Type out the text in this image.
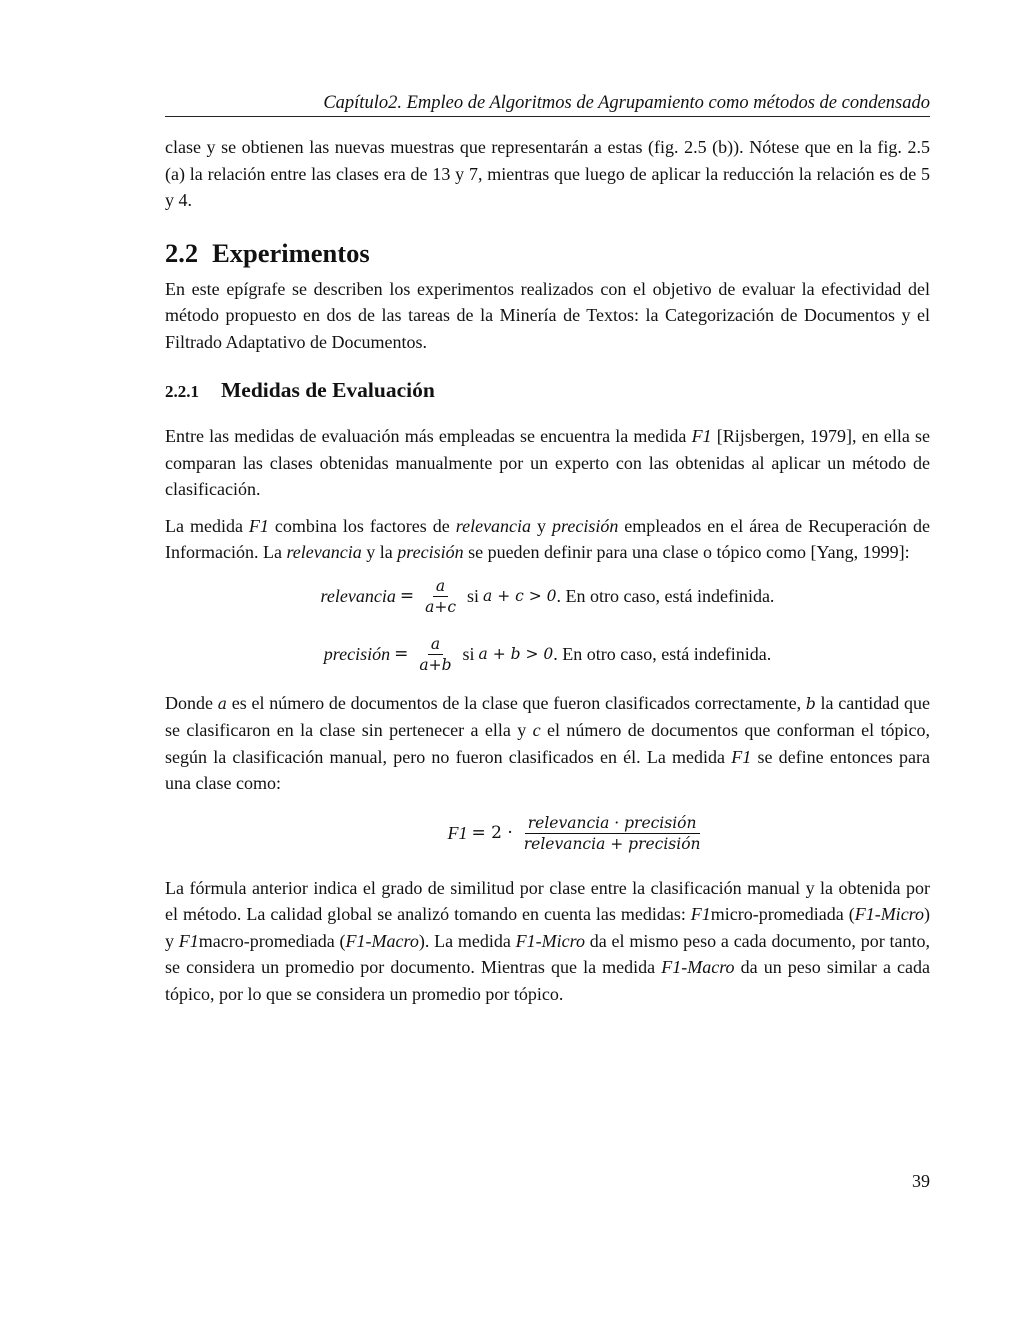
Capítulo2. Empleo de Algoritmos de Agrupamiento como métodos de condensado

clase y se obtienen las nuevas muestras que representarán a estas (fig. 2.5 (b)). Nótese que en la fig. 2.5 (a) la relación entre las clases era de 13 y 7, mientras que luego de aplicar la reducción la relación es de 5 y 4.

2.2 Experimentos

En este epígrafe se describen los experimentos realizados con el objetivo de evaluar la efectividad del método propuesto en dos de las tareas de la Minería de Textos: la Categorización de Documentos y el Filtrado Adaptativo de Documentos.

2.2.1 Medidas de Evaluación

Entre las medidas de evaluación más empleadas se encuentra la medida F1 [Rijsbergen, 1979], en ella se comparan las clases obtenidas manualmente por un experto con las obtenidas al aplicar un método de clasificación.

La medida F1 combina los factores de relevancia y precisión empleados en el área de Recuperación de Información. La relevancia y la precisión se pueden definir para una clase o tópico como [Yang, 1999]:

relevancia = $\frac{a}{a+c}$ si a + c > 0 . En otro caso, está indefinida.
precisión = $\frac{a}{a+b}$ si a + b > 0 . En otro caso, está indefinida.

Donde a es el número de documentos de la clase que fueron clasificados correctamente, b la cantidad que se clasificaron en la clase sin pertenecer a ella y c el número de documentos que conforman el tópico, según la clasificación manual, pero no fueron clasificados en él. La medida F1 se define entonces para una clase como:

$F1 = 2 \cdot \frac{\text{relevancia · precisión}}{\text{relevancia + precisión}}$

La fórmula anterior indica el grado de similitud por clase entre la clasificación manual y la obtenida por el método. La calidad global se analizó tomando en cuenta las medidas: F1micro-promediada (F1-Micro) y F1macro-promediada (F1-Macro). La medida F1-Micro da el mismo peso a cada documento, por tanto, se considera un promedio por documento. Mientras que la medida F1-Macro da un peso similar a cada tópico, por lo que se considera un promedio por tópico.

39
